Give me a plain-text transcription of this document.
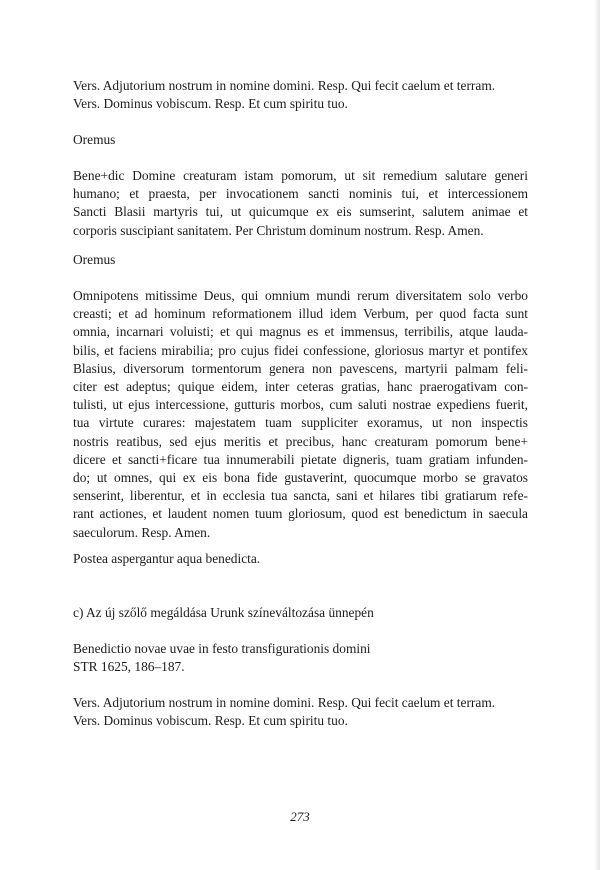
Vers. Adjutorium nostrum in nomine domini. Resp. Qui fecit caelum et terram.
Vers. Dominus vobiscum. Resp. Et cum spiritu tuo.
Oremus
Bene+dic Domine creaturam istam pomorum, ut sit remedium salutare generi
humano; et praesta, per invocationem sancti nominis tui, et intercessionem
Sancti Blasii martyris tui, ut quicumque ex eis sumserint, salutem animae et
corporis suscipiant sanitatem. Per Christum dominum nostrum. Resp. Amen.
Oremus
Omnipotens mitissime Deus, qui omnium mundi rerum diversitatem solo verbo
creasti; et ad hominum reformationem illud idem Verbum, per quod facta sunt
omnia, incarnari voluisti; et qui magnus es et immensus, terribilis, atque lauda-
bilis, et faciens mirabilia; pro cujus fidei confessione, gloriosus martyr et pontifex
Blasius, diversorum tormentorum genera non pavescens, martyrii palmam feli-
citer est adeptus; quique eidem, inter ceteras gratias, hanc praerogativam con-
tulisti, ut ejus intercessione, gutturis morbos, cum saluti nostrae expediens fuerit,
tua virtute curares: majestatem tuam suppliciter exoramus, ut non inspectis
nostris reatibus, sed ejus meritis et precibus, hanc creaturam pomorum bene+
dicere et sancti+ficare tua innumerabili pietate digneris, tuam gratiam infunden-
do; ut omnes, qui ex eis bona fide gustaverint, quocumque morbo se gravatos
senserint, liberentur, et in ecclesia tua sancta, sani et hilares tibi gratiarum refe-
rant actiones, et laudent nomen tuum gloriosum, quod est benedictum in saecula
saeculorum. Resp. Amen.
Postea aspergantur aqua benedicta.
c) Az új szőlő megáldása Urunk színeváltozása ünnepén
Benedictio novae uvae in festo transfigurationis domini
STR 1625, 186–187.
Vers. Adjutorium nostrum in nomine domini. Resp. Qui fecit caelum et terram.
Vers. Dominus vobiscum. Resp. Et cum spiritu tuo.
273
